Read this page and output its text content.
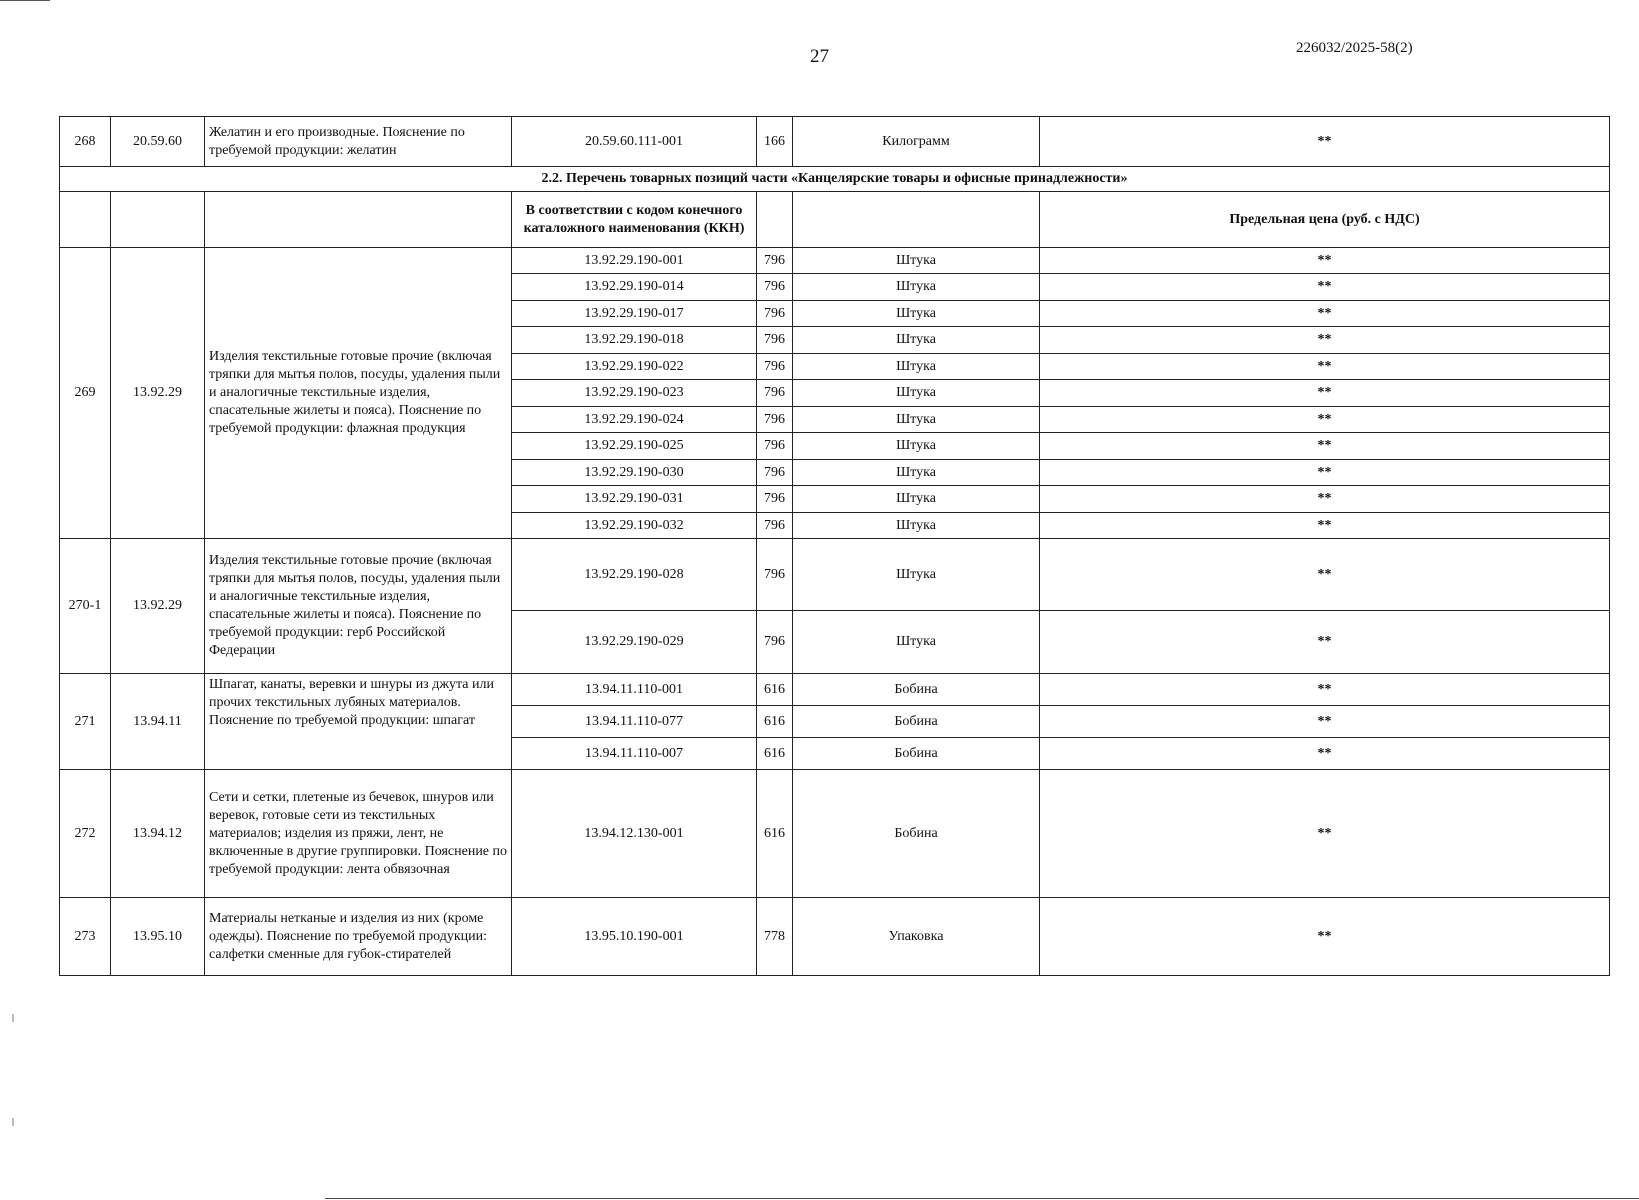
27	226032/2025-58(2)
268	20.59.60	Желатин и его производные. Пояснение по требуемой продукции: желатин	20.59.60.111-001	166	Килограмм	**
2.2. Перечень товарных позиций части «Канцелярские товары и офисные принадлежности»						
			В соответствии с кодом конечного каталожного наименования (ККН)			Предельная цена (руб. с НДС)
269	13.92.29	Изделия текстильные готовые прочие (включая тряпки для мытья полов, посуды, удаления пыли и аналогичные текстильные изделия, спасательные жилеты и пояса). Пояснение по требуемой продукции: флажная продукция	13.92.29.190-001	796	Штука	**
			13.92.29.190-014	796	Штука	**
			13.92.29.190-017	796	Штука	**
			13.92.29.190-018	796	Штука	**
			13.92.29.190-022	796	Штука	**
			13.92.29.190-023	796	Штука	**
			13.92.29.190-024	796	Штука	**
			13.92.29.190-025	796	Штука	**
			13.92.29.190-030	796	Штука	**
			13.92.29.190-031	796	Штука	**
			13.92.29.190-032	796	Штука	**
270-1	13.92.29	Изделия текстильные готовые прочие (включая тряпки для мытья полов, посуды, удаления пыли и аналогичные текстильные изделия, спасательные жилеты и пояса). Пояснение по требуемой продукции: герб Российской Федерации	13.92.29.190-028	796	Штука	**
			13.92.29.190-029	796	Штука	**
271	13.94.11	Шпагат, канаты, веревки и шнуры из джута или прочих текстильных лубяных материалов. Пояснение по требуемой продукции: шпагат	13.94.11.110-001	616	Бобина	**
			13.94.11.110-077	616	Бобина	**
			13.94.11.110-007	616	Бобина	**
272	13.94.12	Сети и сетки, плетеные из бечевок, шнуров или веревок, готовые сети из текстильных материалов; изделия из пряжи, лент, не включенные в другие группировки. Пояснение по требуемой продукции: лента обвязочная	13.94.12.130-001	616	Бобина	**
273	13.95.10	Материалы нетканые и изделия из них (кроме одежды). Пояснение по требуемой продукции: салфетки сменные для губок-стирателей	13.95.10.190-001	778	Упаковка	**
